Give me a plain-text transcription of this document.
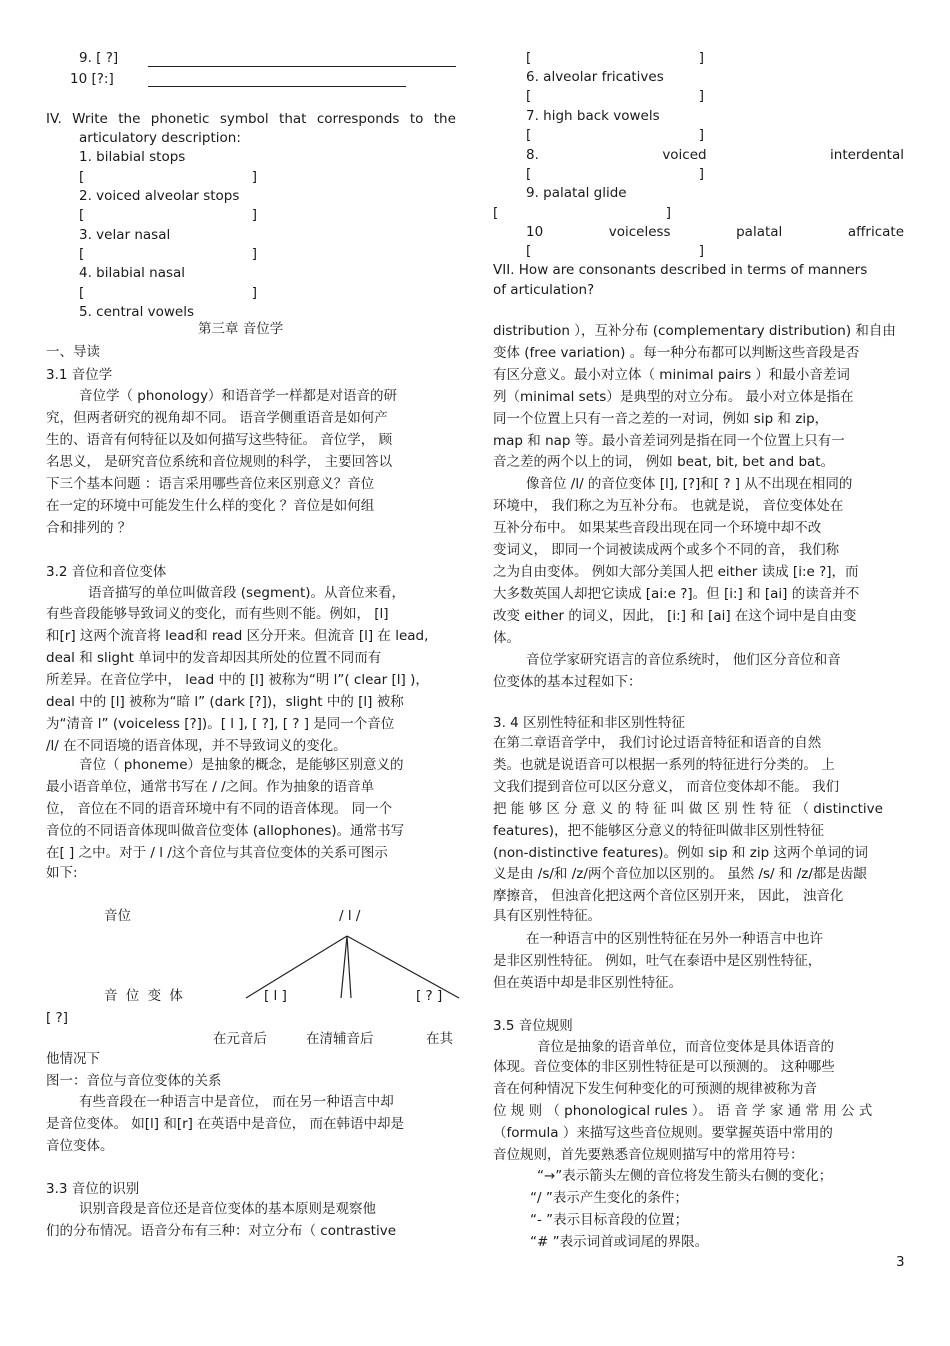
9. [ ?]
10 [?:]
IV. Write the phonetic symbol that corresponds to the
articulatory description:
1. bilabial stops
[	]
2. voiced alveolar stops
[	]
3. velar nasal
[	]
4. bilabial nasal
[	]
5. central vowels
[	]
6. alveolar fricatives
[	]
7. high back vowels
[	]
8.	voiced	interdental
[	]
9. palatal glide
[	]
10	voiceless	palatal	affricate
[	]
VII. How are consonants described in terms of manners
of articulation?
第三章 音位学
一、导读
3.1 音位学
音位学（ phonology）和语音学一样都是对语音的研
究，但两者研究的视角却不同。 语音学侧重语音是如何产
生的、语音有何特征以及如何描写这些特征。 音位学， 顾
名思义， 是研究音位系统和音位规则的科学， 主要回答以
下三个基本问题 ：语言采用哪些音位来区别意义？音位
在一定的环境中可能发生什么样的变化 ？音位是如何组
合和排列的 ？
3.2 音位和音位变体
语音描写的单位叫做音段 (segment)。从音位来看，
有些音段能够导致词义的变化，而有些则不能。例如， [l]
和[r] 这两个流音将 lead和 read 区分开来。但流音 [l] 在 lead,
deal 和 slight 单词中的发音却因其所处的位置不同而有
所差异。在音位学中， lead 中的 [l] 被称为“明 l”( clear [l] )，
deal 中的 [l] 被称为“暗 l” (dark [?])，slight 中的 [l] 被称
为“清音 l” (voiceless [?])。[ l ], [ ?], [ ? ] 是同一个音位
/l/ 在不同语境的语音体现，并不导致词义的变化。
音位（ phoneme）是抽象的概念，是能够区别意义的
最小语音单位，通常书写在 / /之间。作为抽象的语音单
位， 音位在不同的语音环境中有不同的语音体现。 同一个
音位的不同语音体现叫做音位变体 (allophones)。通常书写
在[ ] 之中。对于 / l /这个音位与其音位变体的关系可图示
如下:
音位	/ l /
音 位 变 体	[ l ]	[ ? ]
[ ?]
在元音后	在清辅音后	在其
他情况下
图一：音位与音位变体的关系
有些音段在一种语言中是音位， 而在另一种语言中却
是音位变体。 如[l] 和[r] 在英语中是音位， 而在韩语中却是
音位变体。
3.3 音位的识别
识别音段是音位还是音位变体的基本原则是观察他
们的分布情况。语音分布有三种：对立分布（ contrastive
distribution ），互补分布 (complementary distribution) 和自由
变体 (free variation) 。每一种分布都可以判断这些音段是否
有区分意义。最小对立体（ minimal pairs ）和最小音差词
列（minimal sets）是典型的对立分布。 最小对立体是指在
同一个位置上只有一音之差的一对词，例如 sip 和 zip，
map 和 nap 等。最小音差词列是指在同一个位置上只有一
音之差的两个以上的词， 例如 beat, bit, bet and bat。
像音位 /l/ 的音位变体 [l], [?]和[ ? ] 从不出现在相同的
环境中， 我们称之为互补分布。 也就是说， 音位变体处在
互补分布中。 如果某些音段出现在同一个环境中却不改
变词义， 即同一个词被读成两个或多个不同的音， 我们称
之为自由变体。 例如大部分美国人把 either 读成 [i:e ?]，而
大多数英国人却把它读成 [ai:e ?]。但 [i:] 和 [ai] 的读音并不
改变 either 的词义，因此， [i:] 和 [ai] 在这个词中是自由变
体。
音位学家研究语言的音位系统时， 他们区分音位和音
位变体的基本过程如下：
3. 4 区别性特征和非区别性特征
在第二章语音学中， 我们讨论过语音特征和语音的自然
类。也就是说语音可以根据一系列的特征进行分类的。 上
文我们提到音位可以区分意义， 而音位变体却不能。 我们
把 能 够 区 分 意 义 的 特 征 叫 做 区 别 性 特 征 （ distinctive
features)，把不能够区分意义的特征叫做非区别性特征
(non-distinctive features)。例如 sip 和 zip 这两个单词的词
义是由 /s/和 /z/两个音位加以区别的。 虽然 /s/ 和 /z/都是齿龈
摩擦音， 但浊音化把这两个音位区别开来， 因此， 浊音化
具有区别性特征。
在一种语言中的区别性特征在另外一种语言中也许
是非区别性特征。 例如，吐气在泰语中是区别性特征，
但在英语中却是非区别性特征。
3.5 音位规则
音位是抽象的语音单位，而音位变体是具体语音的
体现。音位变体的非区别性特征是可以预测的。 这种哪些
音在何种情况下发生何种变化的可预测的规律被称为音
位 规 则 （ phonological rules ）。 语 音 学 家 通 常 用 公 式
（formula ）来描写这些音位规则。要掌握英语中常用的
音位规则，首先要熟悉音位规则描写中的常用符号：
“→”表示箭头左侧的音位将发生箭头右侧的变化；
“/ ”表示产生变化的条件；
“- ”表示目标音段的位置；
“# ”表示词首或词尾的界限。
3
